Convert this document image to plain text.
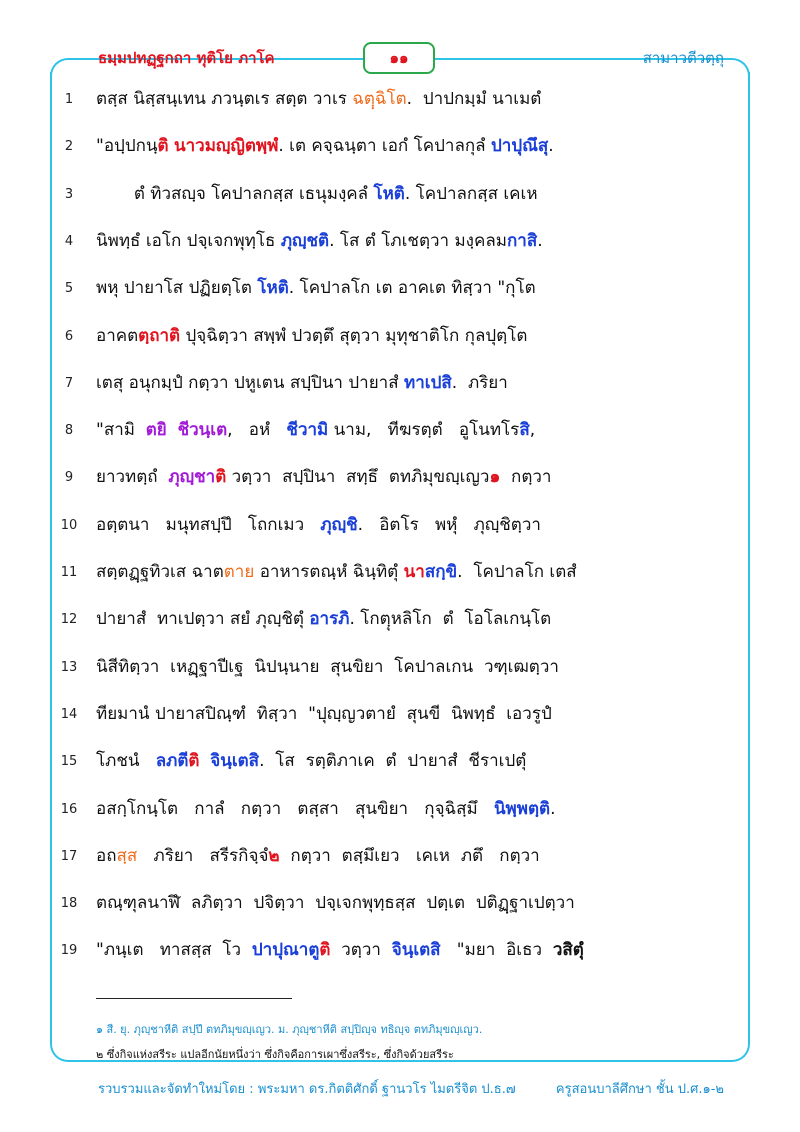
ธมฺมปทฏฺฐกถา ทุติโย ภาโค	๑๑	สามาวตีวตฺถุ
1	ตสฺส นิสฺสนฺเทน ภวนฺตเร สตฺต วาเร ฉตฺฺฉิโต.  ปาปกมฺมํ นาเมตํ
2	"อปฺปกนฺติ นาวมญฺญิตพฺพํ. เต คจฺฉนฺตา เอกํ โคปาลกุลํ ปาปุณึสุ.
3	ตํ ทิวสญฺจ โคปาลกสฺส เธนุมงฺคลํ โหติ. โคปาลกสฺส เคเห
4	นิพทฺธํ เอโก ปจฺเจกพุทฺโธ ภุญฺชติ. โส ตํ โภเชตฺวา มงฺคลมกาสิ.
5	พหุ ปายาโส ปฏิยตฺโต โหติ. โคปาลโก เต อาคเต ทิสฺวา "กุโต
6	อาคตตฺถาติ ปุจฺฉิตฺวา สพฺพํ ปวตฺตึ สุตฺวา มุทุชาติโก กุลปุตฺโต
7	เตสุ อนุกมฺปํ กตฺวา ปหูเตน สปฺปินา ปายาสํ ทาเปสิ.  ภริยา
8	"สามิ  ตยิ ชีวนฺเต,   อหํ   ชีวามิ นาม,   ทีฆรตฺตํ   อูโนทโรสิ,
9	ยาวทตฺถํ  ภุญฺชาติ วตฺวา  สปฺปินา  สทฺธึ  ตทภิมุขญฺเญว๑  กตฺวา
10 อตฺตนา   มนุทสปฺปึ   โถกเมว   ภุญฺชิ.   อิตโร   พหุํ   ภุญฺชิตฺวา
11 สตฺตฏฺฐทิวเส ฉาตตาย อาหารตณฺหํ ฉินฺทิตุํ นาสกฺขิ.  โคปาลโก เตสํ
12 ปายาสํ  ทาเปตฺวา สยํ ภุญฺชิตุํ อารภิ. โกตฺุหลิโก  ตํ  โอโลเกนฺโต
13 นิสีทิตฺวา  เหฏฺฐาปีเฐ  นิปนฺนาย  สุนขิยา  โคปาลเกน  วฑฺเฒตฺวา
14 ทียมานํ ปายาสปิณฺฑํ  ทิสฺวา  "ปุญฺญวตายํ  สุนขี  นิพทฺธํ  เอวรูปํ
15 โภชนํ   ลภตีติ จินฺเตสิ.  โส  รตฺติภาเค  ตํ  ปายาสํ  ชีราเปตุํ
16 อสกฺโกนฺโต   กาลํ   กตฺวา   ตสฺสา   สุนขิยา   กุจฺฉิสฺมึ   นิพฺพตฺติ.
17 อถสฺส   ภริยา   สรีรกิจฺจํ๒  กตฺวา  ตสฺมึเยว   เคเห  ภตึ   กตฺวา
18 ตณฺฑุลนาฬึ  ลภิตฺวา  ปจิตฺวา  ปจฺเจกพุทฺธสฺส  ปตฺเต  ปติฏฺฐาเปตฺวา
19 "ภนฺเต   ทาสสฺส  โว  ปาปุณาตูติ  วตฺวา  จินฺเตสิ   "มยา  อิเธว  วสิตุํ
๑ สี. ยุ. ภุญฺชาหีติ สปฺปึ ตทภิมุขญฺเญว. ม. ภุญฺชาหีติ สปฺปิญฺจ ทธิญฺจ ตทภิมุขญฺเญว.
๒ ซึ่งกิจแห่งสรีระ แปลอีกนัยหนึ่งว่า ซึ่งกิจคือการเผาซึ่งสรีระ, ซึ่งกิจด้วยสรีระ
รวบรวมและจัดทำใหม่โดย : พระมหา ดร.กิตติศักดิ์ ฐานวโร ไมตรีจิต ป.ธ.๗	ครูสอนบาลีศึกษา ชั้น ป.ศ.๑-๒
